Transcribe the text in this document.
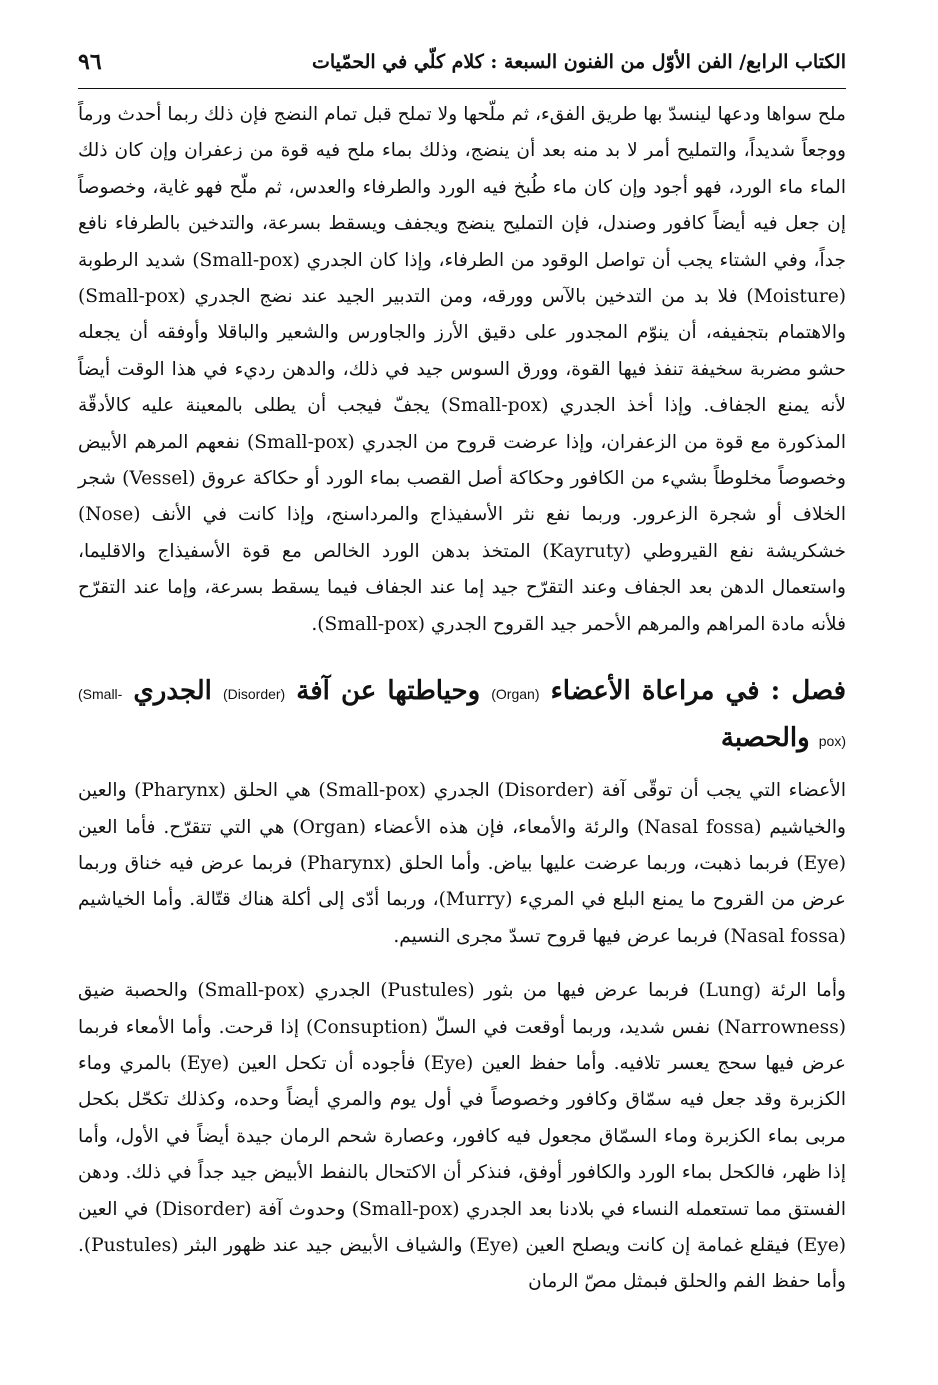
الكتاب الرابع/ الفن الأوّل من الفنون السبعة : كلام كلّي في الحمّيات
٩٦

ملح سواها ودعها لينسدّ بها طريق الفقء، ثم ملّحها ولا تملح قبل تمام النضج فإن ذلك ربما أحدث ورماً ووجعاً شديداً، والتمليح أمر لا بد منه بعد أن ينضج، وذلك بماء ملح فيه قوة من زعفران وإن كان ذلك الماء ماء الورد، فهو أجود وإن كان ماء طُبخ فيه الورد والطرفاء والعدس، ثم ملّح فهو غاية، وخصوصاً إن جعل فيه أيضاً كافور وصندل، فإن التمليح ينضج ويجفف ويسقط بسرعة، والتدخين بالطرفاء نافع جداً، وفي الشتاء يجب أن تواصل الوقود من الطرفاء، وإذا كان الجدري (Small-pox) شديد الرطوبة (Moisture) فلا بد من التدخين بالآس وورقه، ومن التدبير الجيد عند نضج الجدري (Small-pox) والاهتمام بتجفيفه، أن ينوّم المجدور على دقيق الأرز والجاورس والشعير والباقلا وأوفقه أن يجعله حشو مضربة سخيفة تنفذ فيها القوة، وورق السوس جيد في ذلك، والدهن رديء في هذا الوقت أيضاً لأنه يمنع الجفاف. وإذا أخذ الجدري (Small-pox) يجفّ فيجب أن يطلى بالمعينة عليه كالأدقّة المذكورة مع قوة من الزعفران، وإذا عرضت قروح من الجدري (Small-pox) نفعهم المرهم الأبيض وخصوصاً مخلوطاً بشيء من الكافور وحكاكة أصل القصب بماء الورد أو حكاكة عروق (Vessel) شجر الخلاف أو شجرة الزعرور. وربما نفع نثر الأسفيذاج والمرداسنج، وإذا كانت في الأنف (Nose) خشكريشة نفع القيروطي (Kayruty) المتخذ بدهن الورد الخالص مع قوة الأسفيذاج والاقليما، واستعمال الدهن بعد الجفاف وعند التقرّح جيد إما عند الجفاف فيما يسقط بسرعة، وإما عند التقرّح فلأنه مادة المراهم والمرهم الأحمر جيد القروح الجدري (Small-pox).

فصل : في مراعاة الأعضاء (Organ) وحياطتها عن آفة (Disorder) الجدري (Small-pox) والحصبة

الأعضاء التي يجب أن توقّى آفة (Disorder) الجدري (Small-pox) هي الحلق (Pharynx) والعين والخياشيم (Nasal fossa) والرئة والأمعاء، فإن هذه الأعضاء (Organ) هي التي تتقرّح. فأما العين (Eye) فربما ذهبت، وربما عرضت عليها بياض. وأما الحلق (Pharynx) فربما عرض فيه خناق وربما عرض من القروح ما يمنع البلع في المريء (Murry)، وربما أدّى إلى أكلة هناك قتّالة. وأما الخياشيم (Nasal fossa) فربما عرض فيها قروح تسدّ مجرى النسيم.

وأما الرئة (Lung) فربما عرض فيها من بثور (Pustules) الجدري (Small-pox) والحصبة ضيق (Narrowness) نفس شديد، وربما أوقعت في السلّ (Consuption) إذا قرحت. وأما الأمعاء فربما عرض فيها سحج يعسر تلافيه. وأما حفظ العين (Eye) فأجوده أن تكحل العين (Eye) بالمري وماء الكزبرة وقد جعل فيه سمّاق وكافور وخصوصاً في أول يوم والمري أيضاً وحده، وكذلك تكحّل بكحل مربى بماء الكزبرة وماء السمّاق مجعول فيه كافور، وعصارة شحم الرمان جيدة أيضاً في الأول، وأما إذا ظهر، فالكحل بماء الورد والكافور أوفق، فنذكر أن الاكتحال بالنفط الأبيض جيد جداً في ذلك. ودهن الفستق مما تستعمله النساء في بلادنا بعد الجدري (Small-pox) وحدوث آفة (Disorder) في العين (Eye) فيقلع غمامة إن كانت ويصلح العين (Eye) والشياف الأبيض جيد عند ظهور البثر (Pustules). وأما حفظ الفم والحلق فبمثل مصّ الرمان
